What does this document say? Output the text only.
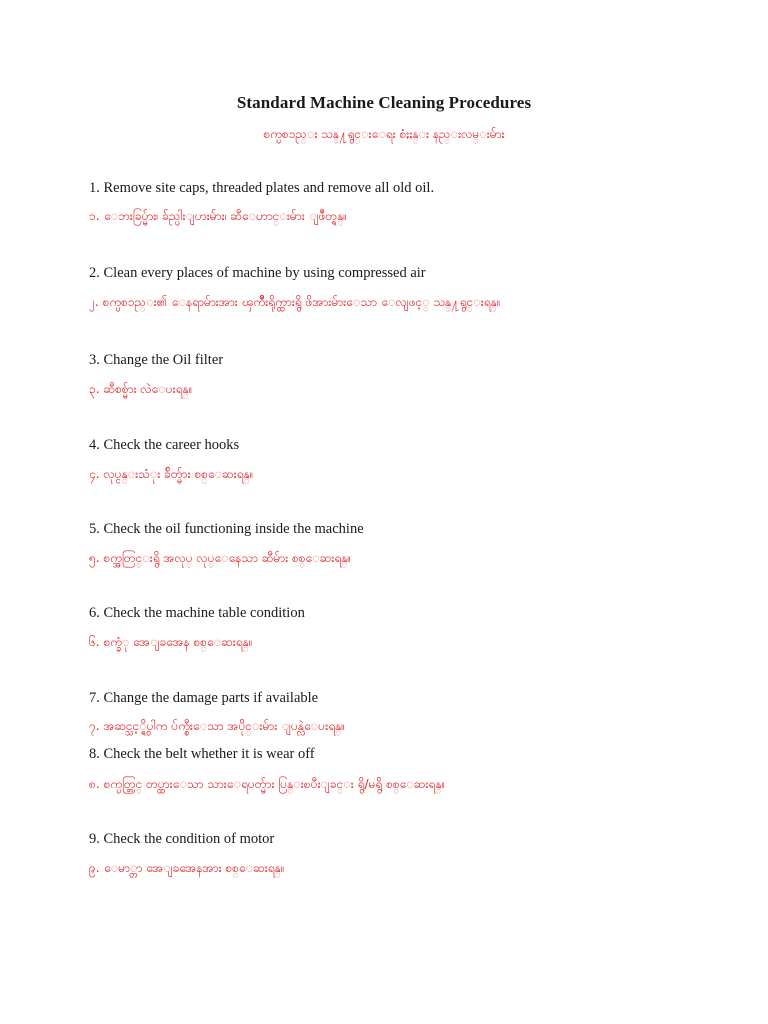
Standard Machine Cleaning Procedures
စက္ပစၥည္း သန္႔ရွင္းေရး စံႏႈန္း နည္းလမ္းမ်ား
1. Remove site caps, threaded plates and remove all old oil.
၁. ေဘးခြပ္မ်ား၊ ခ်ည္ပါးျပားမ်ား၊ ဆီေဟာင္းမ်ား ျဖဳတ္ရန္။
2. Clean every places of machine by using compressed air
၂. စက္ပစၥည္း၏ ေနရာမ်ားအား ၾကိဳးရိုက္ထားရွိ ဖိအားမ်ားေသာ ေလျဖင့္ သန္႔ရွင္းရန္။
3. Change the Oil filter
၃. ဆီစစ္မ်ား လဲေပးရန္။
4. Check the career hooks
၄. လုပ္ငန္းသံုး ခ်ိတ္မ်ား စစ္ေဆးရန္။
5. Check the oil functioning inside the machine
၅. စက္အတြင္းရွိ အလုပ္ လုပ္ေနေသာ ဆီမ်ား စစ္ေဆးရန္။
6. Check the machine table condition
၆. စက္ခံု အေျခအေန စစ္ေဆးရန္။
7. Change the damage parts if available
၇. အဆင္သင့္ရွိပါက ပ်က္စီးေသာ အပိုင္းမ်ား ျပန္လဲေပးရန္။
8. Check the belt whether it is wear off
၈. စက္ပတ္တြင္ တပ္ထားေသာ သားေရပတ္မ်ား ပြန္းၿပီးျခင္း ရွိ/မရွိ စစ္ေဆးရန္။
9. Check the condition of motor
၉. ေမာ္တာ အေျခအေနအား စစ္ေဆးရန္။
